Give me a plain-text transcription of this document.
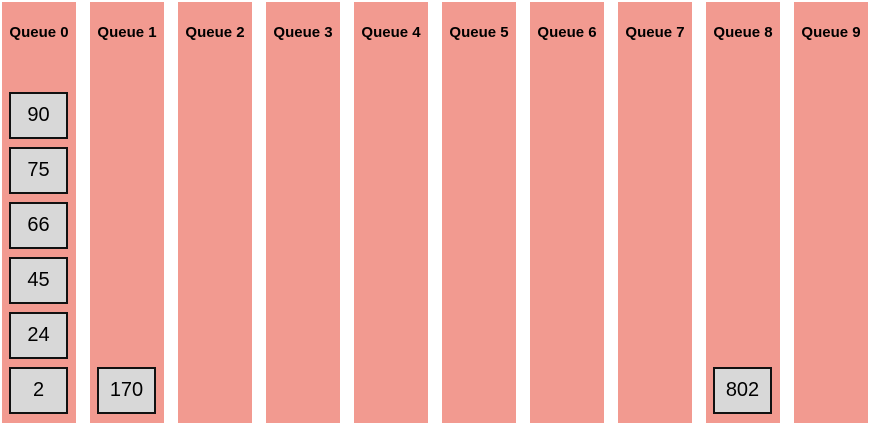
Queue 0
90
75
66
45
24
2
Queue 1
170
Queue 2	Queue 3	Queue 4	Queue 5	Queue 6	Queue 7	Queue 8
802
Queue 9
